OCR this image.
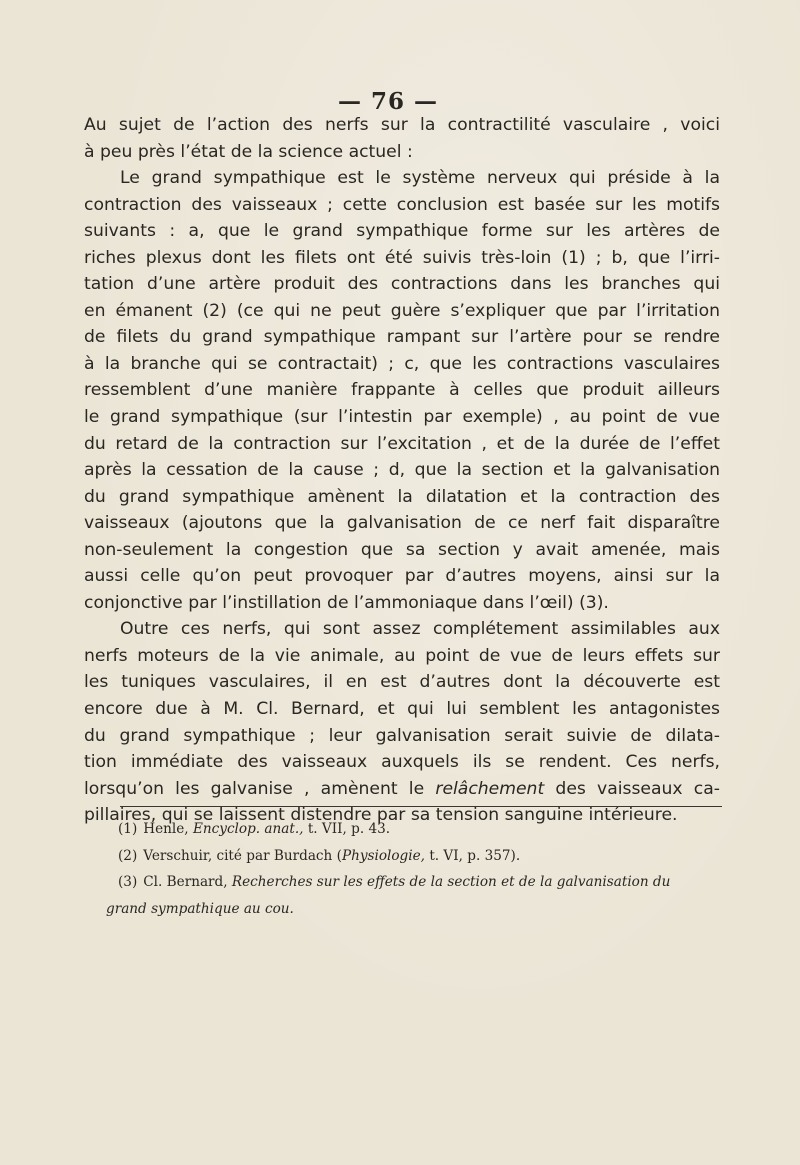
— 76 —
Au sujet de l’action des nerfs sur la contractilité vasculaire , voici
à peu près l’état de la science actuel :
Le grand sympathique est le système nerveux qui préside à la
contraction des vaisseaux ; cette conclusion est basée sur les motifs
suivants : a, que le grand sympathique forme sur les artères de
riches plexus dont les filets ont été suivis très-loin (1) ; b, que l’irri-
tation d’une artère produit des contractions dans les branches qui
en émanent (2) (ce qui ne peut guère s’expliquer que par l’irritation
de filets du grand sympathique rampant sur l’artère pour se rendre
à la branche qui se contractait) ; c, que les contractions vasculaires
ressemblent d’une manière frappante à celles que produit ailleurs
le grand sympathique (sur l’intestin par exemple) , au point de vue
du retard de la contraction sur l’excitation , et de la durée de l’effet
après la cessation de la cause ; d, que la section et la galvanisation
du grand sympathique amènent la dilatation et la contraction des
vaisseaux (ajoutons que la galvanisation de ce nerf fait disparaître
non-seulement la congestion que sa section y avait amenée, mais
aussi celle qu’on peut provoquer par d’autres moyens, ainsi sur la
conjonctive par l’instillation de l’ammoniaque dans l’œil) (3).
Outre ces nerfs, qui sont assez complétement assimilables aux
nerfs moteurs de la vie animale, au point de vue de leurs effets sur
les tuniques vasculaires, il en est d’autres dont la découverte est
encore due à M. Cl. Bernard, et qui lui semblent les antagonistes
du grand sympathique ; leur galvanisation serait suivie de dilata-
tion immédiate des vaisseaux auxquels ils se rendent. Ces nerfs,
lorsqu’on les galvanise , amènent le relâchement des vaisseaux ca-
pillaires, qui se laissent distendre par sa tension sanguine intérieure.
(1) Henle, Encyclop. anat., t. VII, p. 43.
(2) Verschuir, cité par Burdach (Physiologie, t. VI, p. 357).
(3) Cl. Bernard, Recherches sur les effets de la section et de la galvanisation du
grand sympathique au cou.
